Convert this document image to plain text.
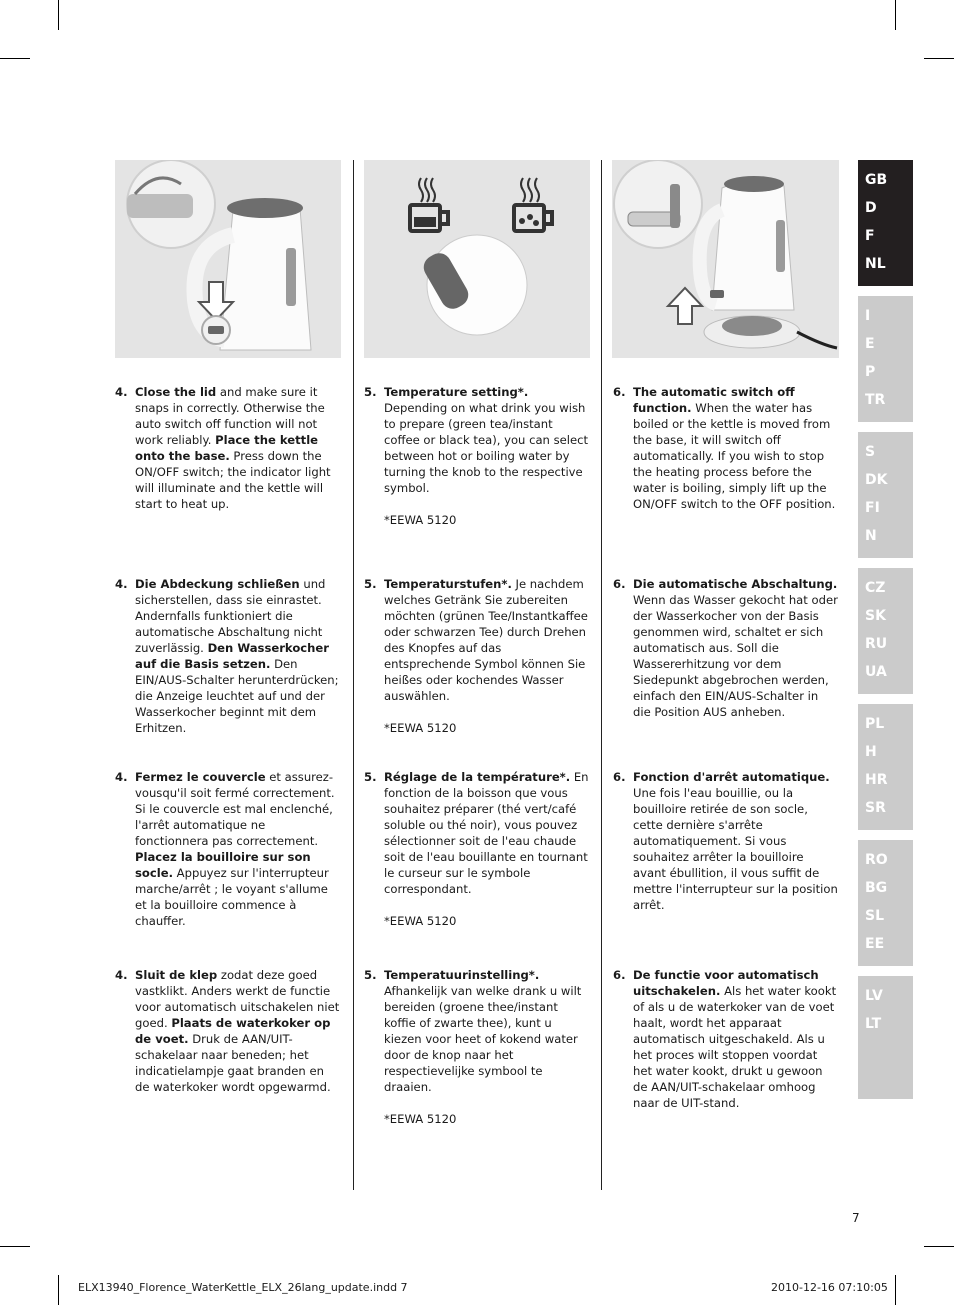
GB
D
F
NL
I
E
P
TR
S
DK
FI
N
CZ
SK
RU
UA
PL
H
HR
SR
RO
BG
SL
EE
LV
LT
4. Close the lid and make sure it snaps in correctly. Otherwise the auto switch off function will not work reliably. Place the kettle onto the base. Press down the ON/OFF switch; the indicator light will illuminate and the kettle will start to heat up.
5. Temperature setting*. Depending on what drink you wish to prepare (green tea/instant coffee or black tea), you can select between hot or boiling water by turning the knob to the respective symbol.
*EEWA 5120
6. The automatic switch off function. When the water has boiled or the kettle is moved from the base, it will switch off automatically. If you wish to stop the heating process before the water is boiling, simply lift up the ON/OFF switch to the OFF position.
4. Die Abdeckung schließen und sicherstellen, dass sie einrastet. Andernfalls funktioniert die automatische Abschaltung nicht zuverlässig. Den Wasserkocher auf die Basis setzen. Den EIN/AUS-Schalter herunterdrücken; die Anzeige leuchtet auf und der Wasserkocher beginnt mit dem Erhitzen.
5. Temperaturstufen*. Je nachdem welches Getränk Sie zubereiten möchten (grünen Tee/Instantkaffee oder schwarzen Tee) durch Drehen des Knopfes auf das entsprechende Symbol können Sie heißes oder kochendes Wasser auswählen.
*EEWA 5120
6. Die automatische Abschaltung. Wenn das Wasser gekocht hat oder der Wasserkocher von der Basis genommen wird, schaltet er sich automatisch aus. Soll die Wassererhitzung vor dem Siedepunkt abgebrochen werden, einfach den EIN/AUS-Schalter in die Position AUS anheben.
4. Fermez le couvercle et assurez-vousqu'il soit fermé correctement. Si le couvercle est mal enclenché, l'arrêt automatique ne fonctionnera pas correctement. Placez la bouilloire sur son socle. Appuyez sur l'interrupteur marche/arrêt ; le voyant s'allume et la bouilloire commence à chauffer.
5. Réglage de la température*. En fonction de la boisson que vous souhaitez préparer (thé vert/café soluble ou thé noir), vous pouvez sélectionner soit de l'eau chaude soit de l'eau bouillante en tournant le curseur sur le symbole correspondant.
*EEWA 5120
6. Fonction d'arrêt automatique. Une fois l'eau bouillie, ou la bouilloire retirée de son socle, cette dernière s'arrête automatiquement. Si vous souhaitez arrêter la bouilloire avant ébullition, il vous suffit de mettre l'interrupteur sur la position arrêt.
4. Sluit de klep zodat deze goed vastklikt. Anders werkt de functie voor automatisch uitschakelen niet goed. Plaats de waterkoker op de voet. Druk de AAN/UIT-schakelaar naar beneden; het indicatielampje gaat branden en de waterkoker wordt opgewarmd.
5. Temperatuurinstelling*. Afhankelijk van welke drank u wilt bereiden (groene thee/instant koffie of zwarte thee), kunt u kiezen voor heet of kokend water door de knop naar het respectievelijke symbool te draaien.
*EEWA 5120
6. De functie voor automatisch uitschakelen. Als het water kookt of als u de waterkoker van de voet haalt, wordt het apparaat automatisch uitgeschakeld. Als u het proces wilt stoppen voordat het water kookt, drukt u gewoon de AAN/UIT-schakelaar omhoog naar de UIT-stand.
7
ELX13940_Florence_WaterKettle_ELX_26lang_update.indd 7	2010-12-16 07:10:05
